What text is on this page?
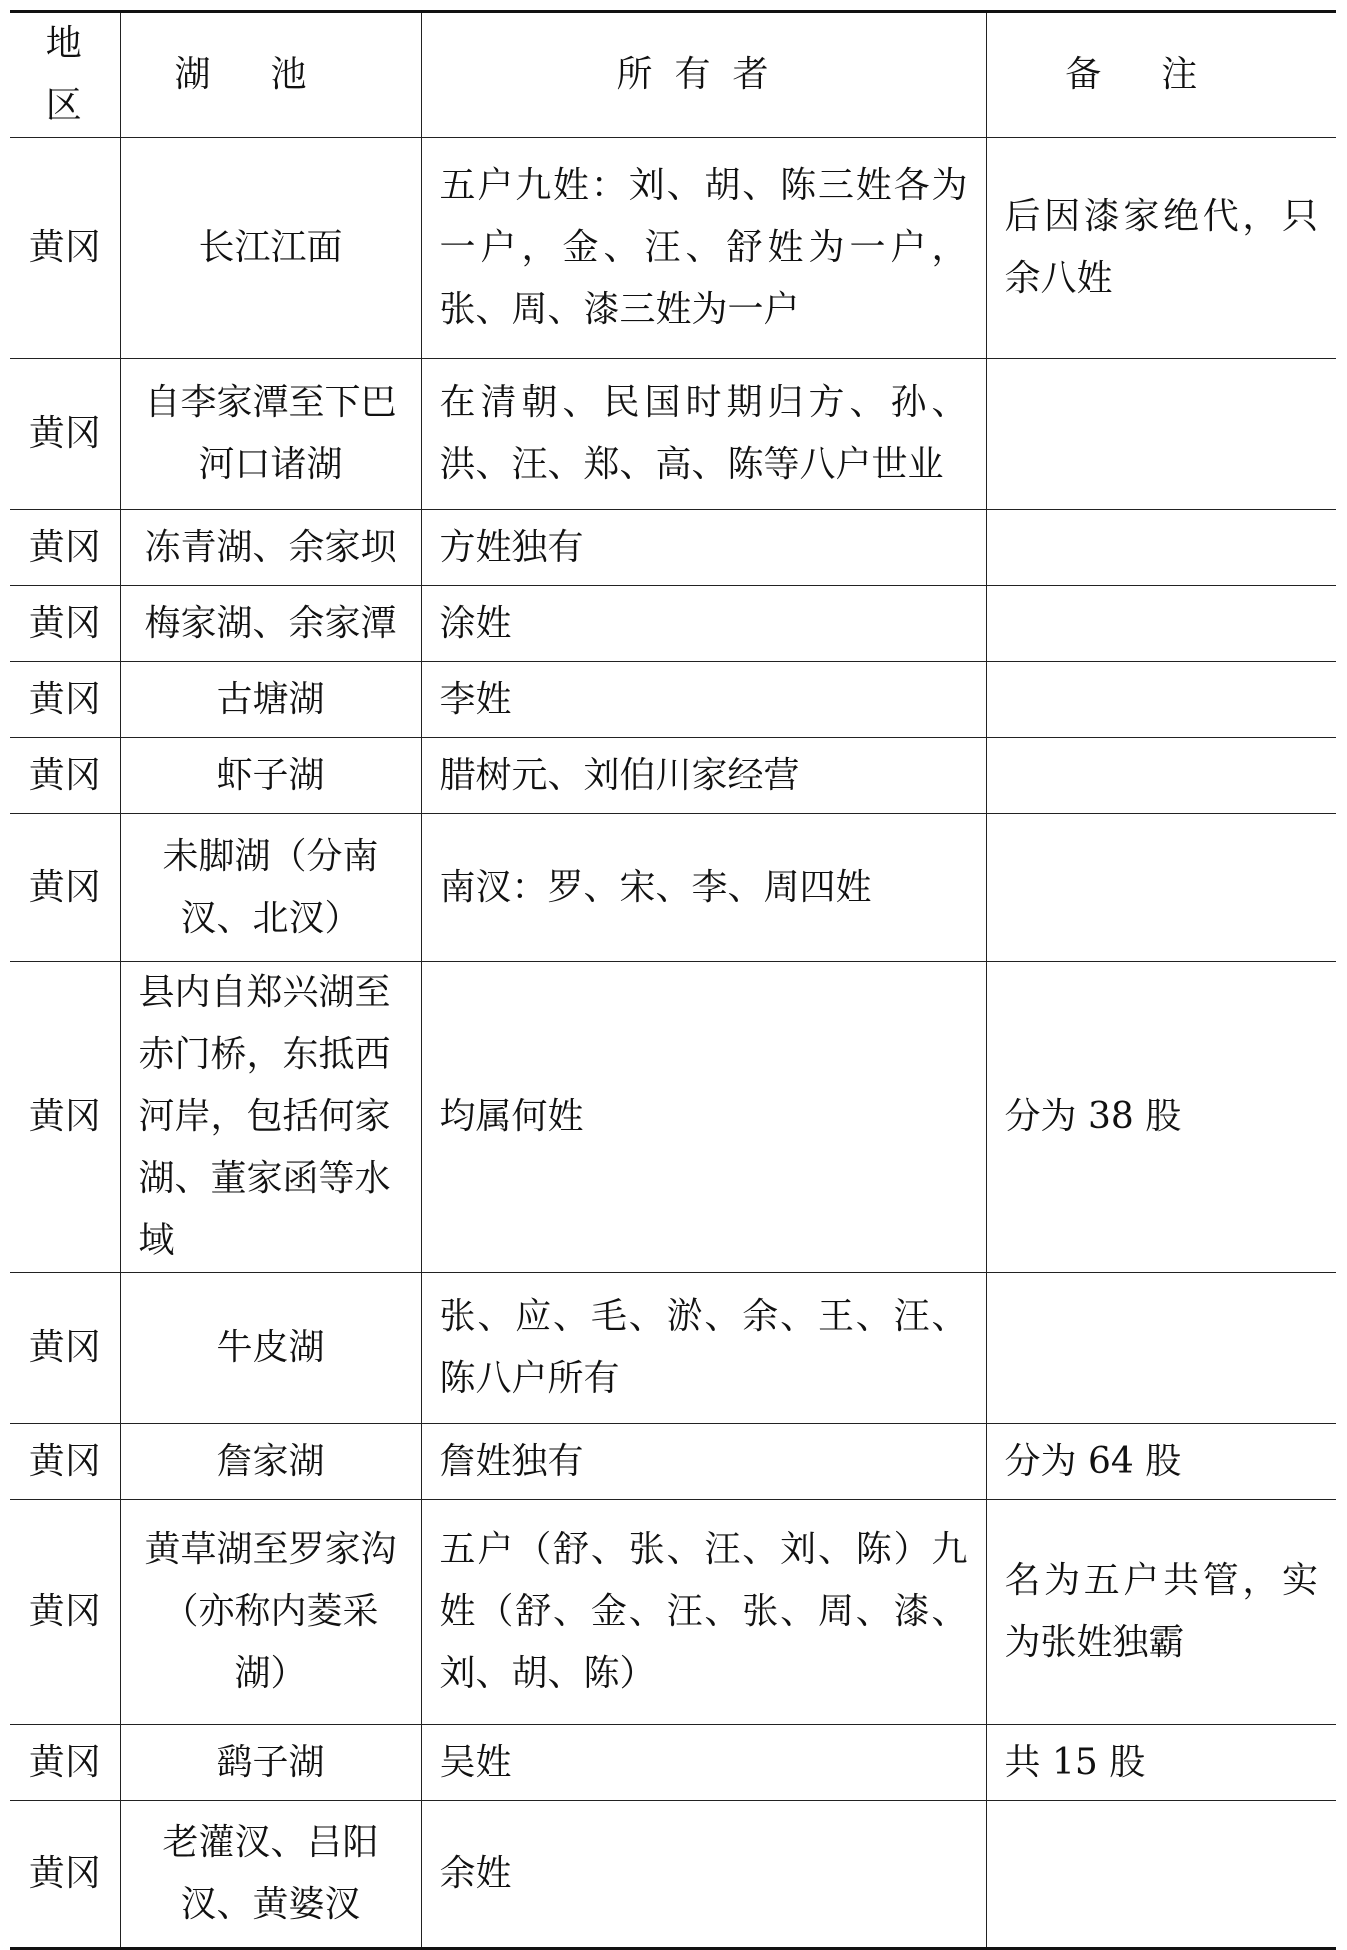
地区	湖池	所有者	备注
黄冈	长江江面	五户九姓：刘、胡、陈三姓各为一户，金、汪、舒姓为一户，张、周、漆三姓为一户	后因漆家绝代，只余八姓
黄冈	自李家潭至下巴河口诸湖	在清朝、民国时期归方、孙、洪、汪、郑、高、陈等八户世业	
黄冈	冻青湖、余家坝	方姓独有	
黄冈	梅家湖、余家潭	涂姓	
黄冈	古塘湖	李姓	
黄冈	虾子湖	腊树元、刘伯川家经营	
黄冈	未脚湖（分南汊、北汊）	南汊：罗、宋、李、周四姓	
黄冈	县内自郑兴湖至赤门桥，东抵西河岸，包括何家湖、董家函等水域	均属何姓	分为 38 股
黄冈	牛皮湖	张、应、毛、淤、余、王、汪、陈八户所有	
黄冈	詹家湖	詹姓独有	分为 64 股
黄冈	黄草湖至罗家沟（亦称内菱采湖）	五户（舒、张、汪、刘、陈）九姓（舒、金、汪、张、周、漆、刘、胡、陈）	名为五户共管，实为张姓独霸
黄冈	鹞子湖	吴姓	共 15 股
黄冈	老灌汊、吕阳汊、黄婆汊	余姓	
